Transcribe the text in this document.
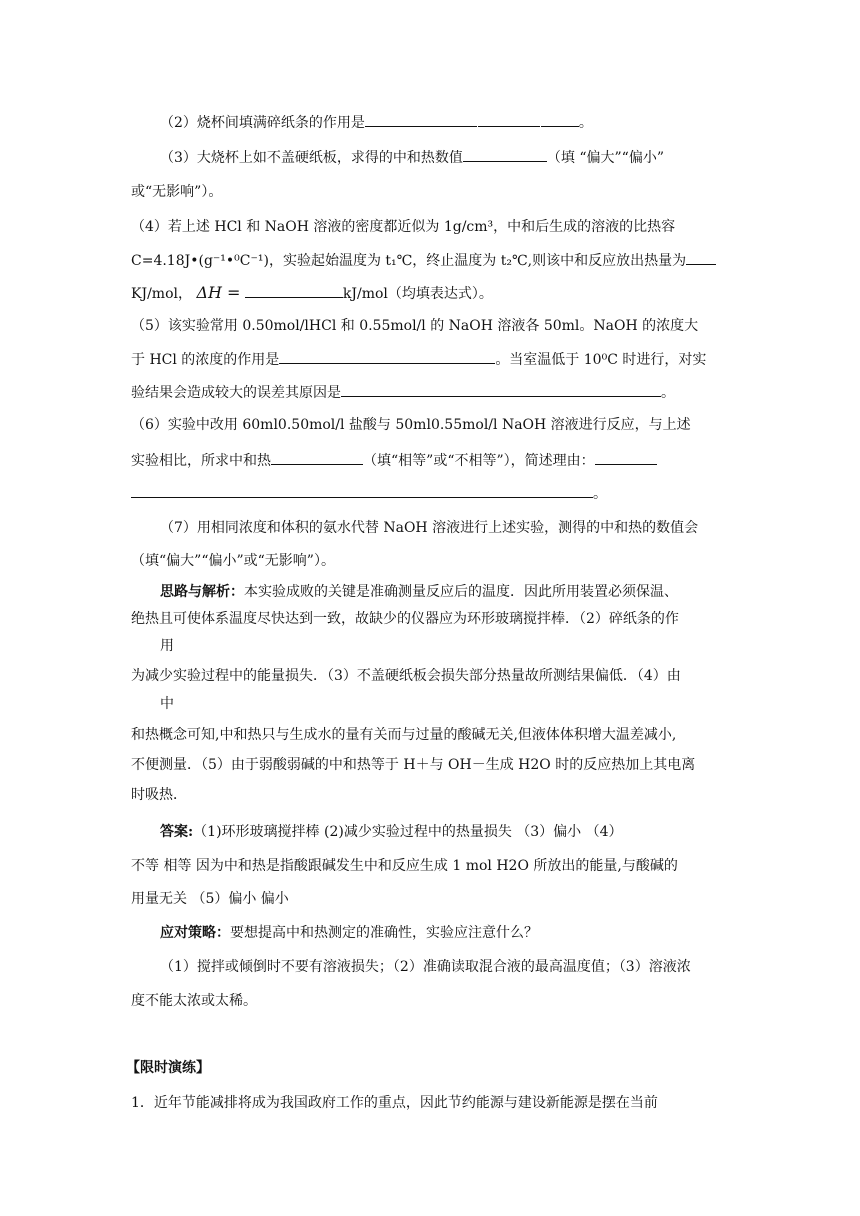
（2）烧杯间填满碎纸条的作用是	。
（3）大烧杯上如不盖硬纸板，求得的中和热数值	（填 “偏大”“偏小”
或“无影响”）。
（4）若上述 HCl 和 NaOH 溶液的密度都近似为 1g/cm³，中和后生成的溶液的比热容
C=4.18J•(g⁻¹•⁰C⁻¹)，实验起始温度为 t₁℃，终止温度为 t₂℃,则该中和反应放出热量为
KJ/mol， ΔH =	kJ/mol（均填表达式）。
（5）该实验常用 0.50mol/lHCl 和 0.55mol/l 的 NaOH 溶液各 50ml。NaOH 的浓度大
于 HCl 的浓度的作用是	。当室温低于 10⁰C 时进行，对实
验结果会造成较大的误差其原因是	。
（6）实验中改用 60ml0.50mol/l 盐酸与 50ml0.55mol/l NaOH 溶液进行反应，与上述
实验相比，所求中和热	（填“相等”或“不相等”），简述理由：
。
（7）用相同浓度和体积的氨水代替 NaOH 溶液进行上述实验，测得的中和热的数值会
（填“偏大”“偏小”或“无影响”）。
思路与解析：本实验成败的关键是准确测量反应后的温度．因此所用装置必须保温、
绝热且可使体系温度尽快达到一致，故缺少的仪器应为环形玻璃搅拌棒．（2）碎纸条的作
用
为减少实验过程中的能量损失．（3）不盖硬纸板会损失部分热量故所测结果偏低．（4）由
中
和热概念可知,中和热只与生成水的量有关而与过量的酸碱无关,但液体体积增大温差减小,
不便测量．（5）由于弱酸弱碱的中和热等于 H＋与 OH－生成 H2O 时的反应热加上其电离
时吸热．
答案:（1)环形玻璃搅拌棒 (2)减少实验过程中的热量损失 （3）偏小 （4）
不等 相等 因为中和热是指酸跟碱发生中和反应生成 1 mol H2O 所放出的能量,与酸碱的
用量无关 （5）偏小 偏小
应对策略：要想提高中和热测定的准确性，实验应注意什么？
（1）搅拌或倾倒时不要有溶液损失；（2）准确读取混合液的最高温度值；（3）溶液浓
度不能太浓或太稀。
【限时演练】
1．近年节能减排将成为我国政府工作的重点，因此节约能源与建设新能源是摆在当前
